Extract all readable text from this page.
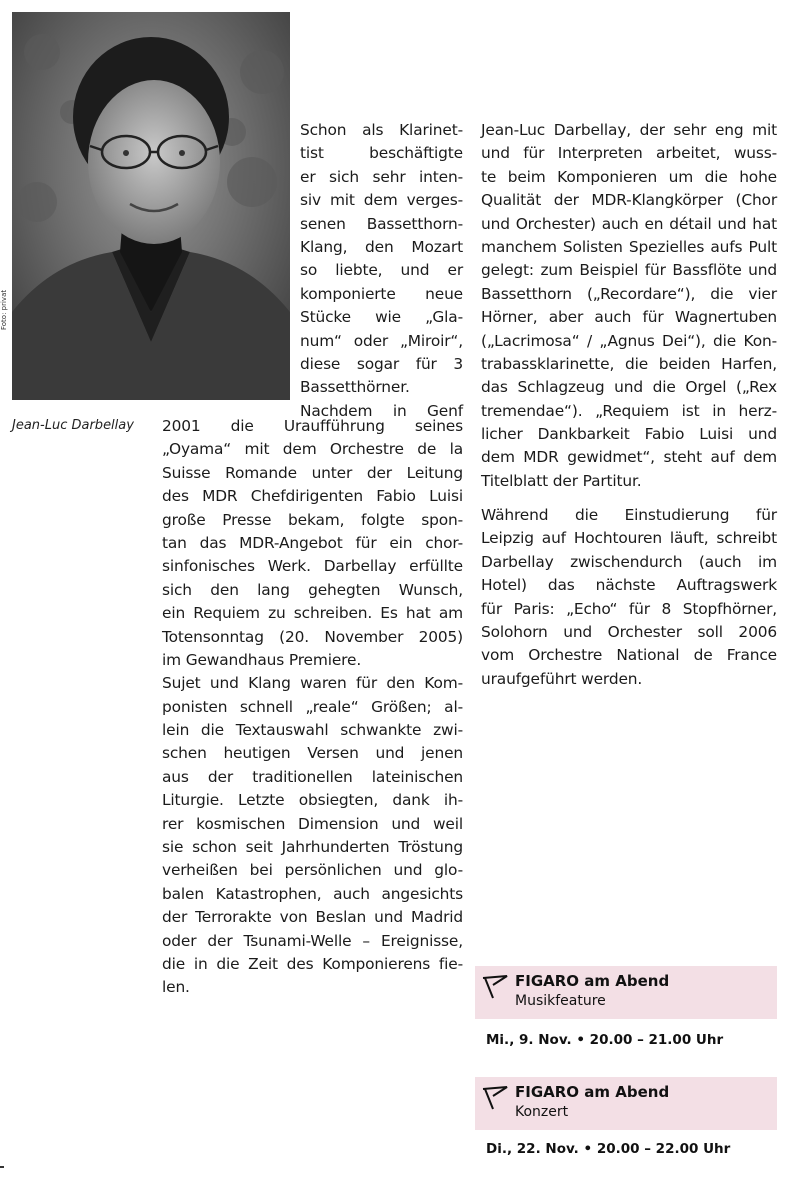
Foto: privat
Jean-Luc Darbellay
Schon als Klarinet-
tist beschäftigte
er sich sehr inten-
siv mit dem verges-
senen Bassetthorn-
Klang, den Mozart
so liebte, und er
komponierte neue
Stücke wie „Gla-
num“ oder „Miroir“,
diese sogar für 3
Bassetthörner.
Nachdem in Genf
2001 die Uraufführung seines
„Oyama“ mit dem Orchestre de la
Suisse Romande unter der Leitung
des MDR Chefdirigenten Fabio Luisi
große Presse bekam, folgte spon-
tan das MDR-Angebot für ein chor-
sinfonisches Werk. Darbellay erfüllte
sich den lang gehegten Wunsch,
ein Requiem zu schreiben. Es hat am
Totensonntag (20. November 2005)
im Gewandhaus Premiere.
Sujet und Klang waren für den Kom-
ponisten schnell „reale“ Größen; al-
lein die Textauswahl schwankte zwi-
schen heutigen Versen und jenen
aus der traditionellen lateinischen
Liturgie. Letzte obsiegten, dank ih-
rer kosmischen Dimension und weil
sie schon seit Jahrhunderten Tröstung
verheißen bei persönlichen und glo-
balen Katastrophen, auch angesichts
der Terrorakte von Beslan und Madrid
oder der Tsunami-Welle – Ereignisse,
die in die Zeit des Komponierens fie-
len.
Jean-Luc Darbellay, der sehr eng mit
und für Interpreten arbeitet, wuss-
te beim Komponieren um die hohe
Qualität der MDR-Klangkörper (Chor
und Orchester) auch en détail und hat
manchem Solisten Spezielles aufs Pult
gelegt: zum Beispiel für Bassflöte und
Bassetthorn („Recordare“), die vier
Hörner, aber auch für Wagnertuben
(„Lacrimosa“ / „Agnus Dei“), die Kon-
trabassklarinette, die beiden Harfen,
das Schlagzeug und die Orgel („Rex
tremendae“). „Requiem ist in herz-
licher Dankbarkeit Fabio Luisi und
dem MDR gewidmet“, steht auf dem
Titelblatt der Partitur.
Während die Einstudierung für
Leipzig auf Hochtouren läuft, schreibt
Darbellay zwischendurch (auch im
Hotel) das nächste Auftragswerk
für Paris: „Echo“ für 8 Stopfhörner,
Solohorn und Orchester soll 2006
vom Orchestre National de France
uraufgeführt werden.
FIGARO am Abend
Musikfeature
Mi., 9. Nov. • 20.00 – 21.00 Uhr
FIGARO am Abend
Konzert
Di., 22. Nov. • 20.00 – 22.00 Uhr
